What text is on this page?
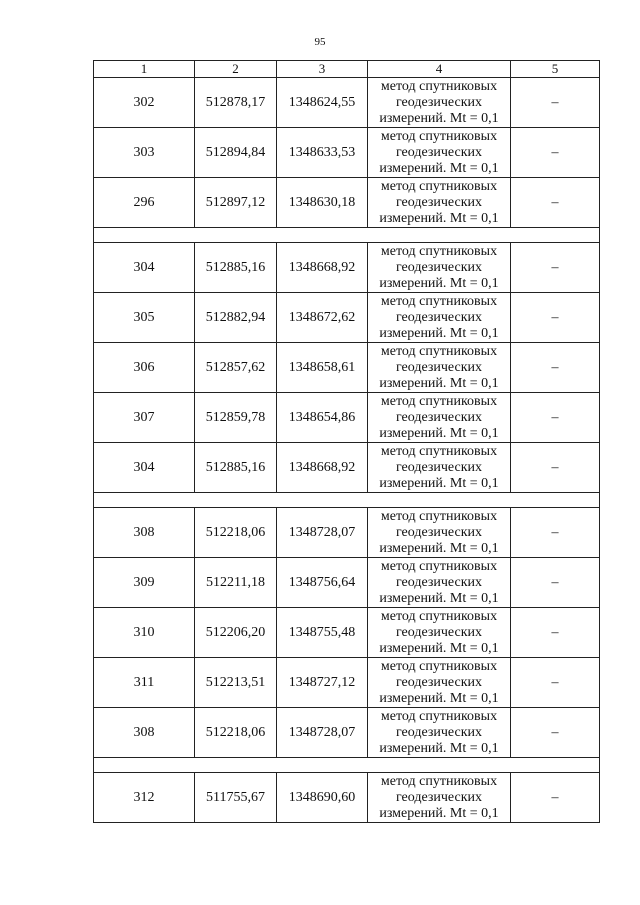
95
1	2	3	4	5
302	512878,17	1348624,55	метод спутниковых
геодезических
измерений. Mt = 0,1	–
303	512894,84	1348633,53	метод спутниковых
геодезических
измерений. Mt = 0,1	–
296	512897,12	1348630,18	метод спутниковых
геодезических
измерений. Mt = 0,1	–

304	512885,16	1348668,92	метод спутниковых
геодезических
измерений. Mt = 0,1	–
305	512882,94	1348672,62	метод спутниковых
геодезических
измерений. Mt = 0,1	–
306	512857,62	1348658,61	метод спутниковых
геодезических
измерений. Mt = 0,1	–
307	512859,78	1348654,86	метод спутниковых
геодезических
измерений. Mt = 0,1	–
304	512885,16	1348668,92	метод спутниковых
геодезических
измерений. Mt = 0,1	–

308	512218,06	1348728,07	метод спутниковых
геодезических
измерений. Mt = 0,1	–
309	512211,18	1348756,64	метод спутниковых
геодезических
измерений. Mt = 0,1	–
310	512206,20	1348755,48	метод спутниковых
геодезических
измерений. Mt = 0,1	–
311	512213,51	1348727,12	метод спутниковых
геодезических
измерений. Mt = 0,1	–
308	512218,06	1348728,07	метод спутниковых
геодезических
измерений. Mt = 0,1	–

312	511755,67	1348690,60	метод спутниковых
геодезических
измерений. Mt = 0,1	–
